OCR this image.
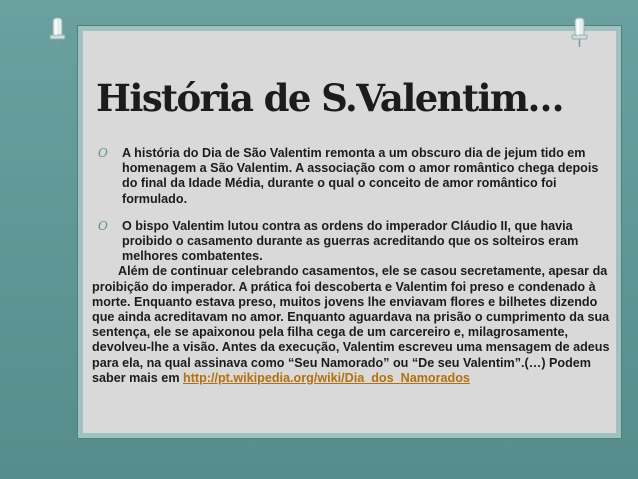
História de S.Valentim…
O A história do Dia de São Valentim remonta a um obscuro dia de jejum tido em homenagem a São Valentim. A associação com o amor romântico chega depois do final da Idade Média, durante o qual o conceito de amor romântico foi formulado.
O O bispo Valentim lutou contra as ordens do imperador Cláudio II, que havia proibido o casamento durante as guerras acreditando que os solteiros eram melhores combatentes.

Além de continuar celebrando casamentos, ele se casou secretamente, apesar da proibição do imperador. A prática foi descoberta e Valentim foi preso e condenado à morte. Enquanto estava preso, muitos jovens lhe enviavam flores e bilhetes dizendo que ainda acreditavam no amor. Enquanto aguardava na prisão o cumprimento da sua sentença, ele se apaixonou pela filha cega de um carcereiro e, milagrosamente, devolveu-lhe a visão. Antes da execução, Valentim escreveu uma mensagem de adeus para ela, na qual assinava como “Seu Namorado” ou “De seu Valentim”.(…) Podem saber mais em http://pt.wikipedia.org/wiki/Dia_dos_Namorados
